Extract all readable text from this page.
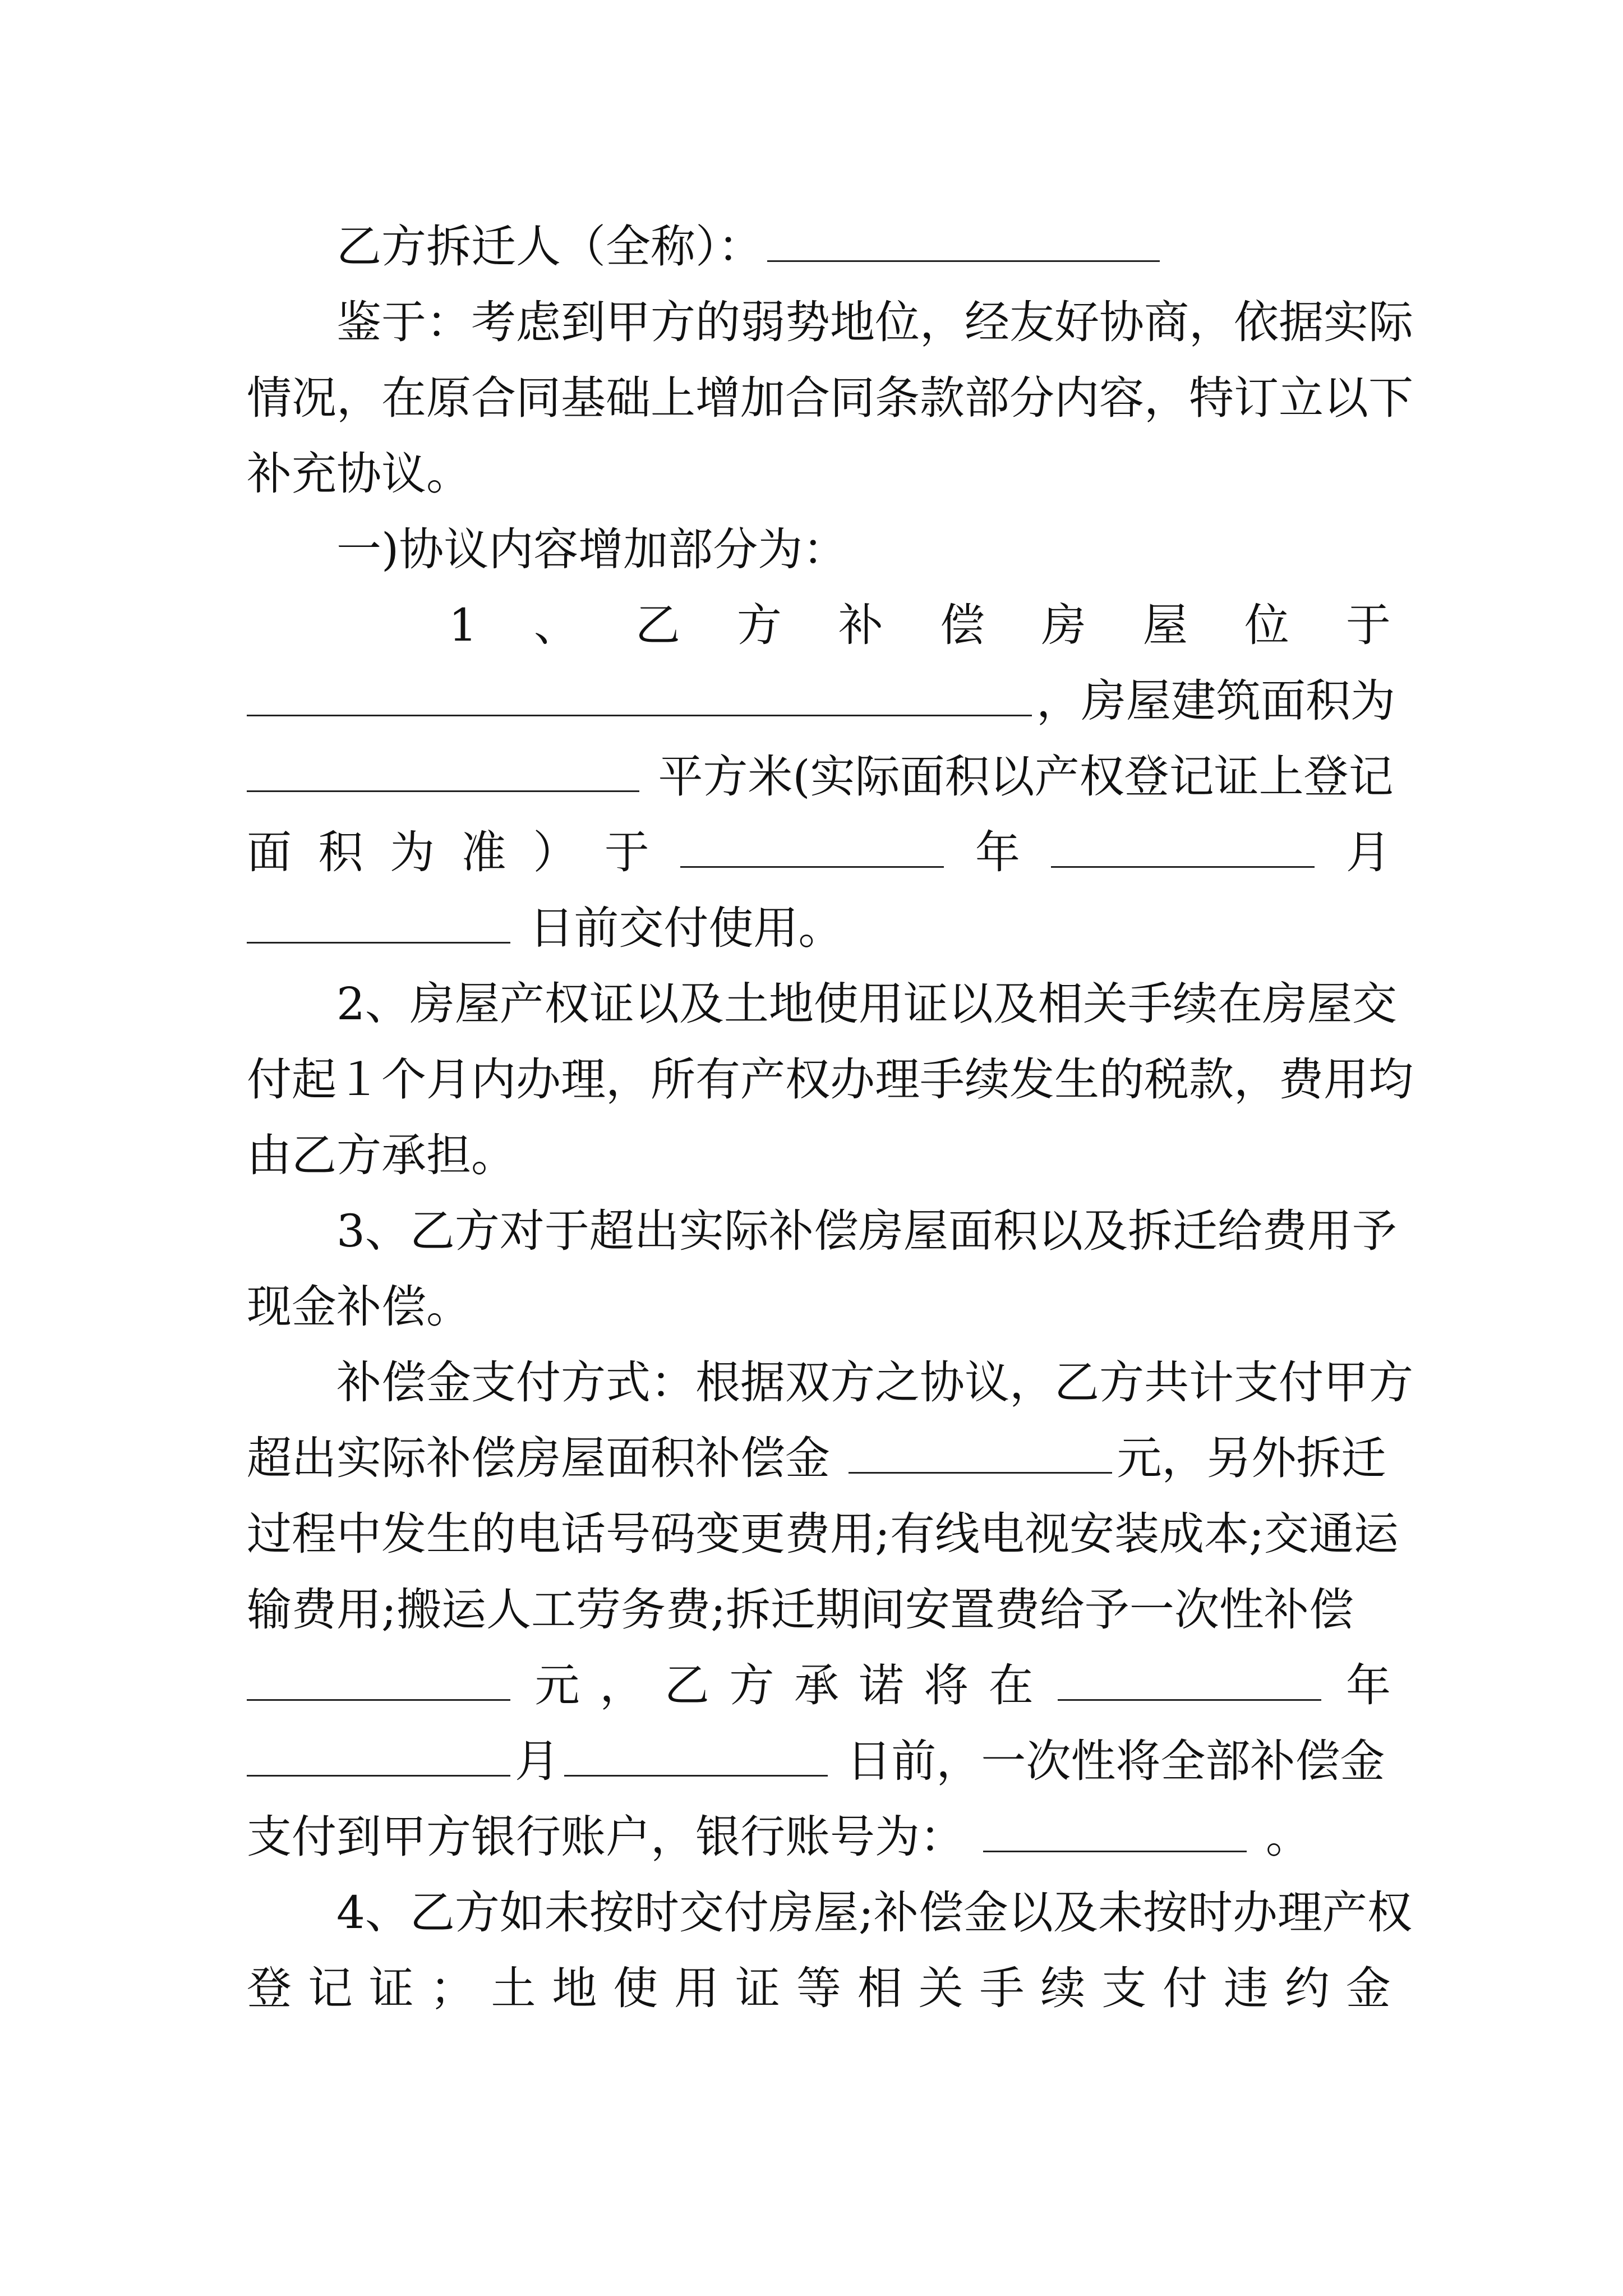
乙方拆迁人（全称）：
鉴于：考虑到甲方的弱势地位，经友好协商，依据实际
情况，在原合同基础上增加合同条款部分内容，特订立以下
补充协议。
一)协议内容增加部分为：
1 、 乙 方 补 偿 房 屋 位 于
，房屋建筑面积为
平方米(实际面积以产权登记证上登记
面 积 为 准 ） 于	年	月
日前交付使用。
2、房屋产权证以及土地使用证以及相关手续在房屋交
付起１个月内办理，所有产权办理手续发生的税款，费用均
由乙方承担。
3、乙方对于超出实际补偿房屋面积以及拆迁给费用予
现金补偿。
补偿金支付方式：根据双方之协议，乙方共计支付甲方
超出实际补偿房屋面积补偿金	元，另外拆迁
过程中发生的电话号码变更费用;有线电视安装成本;交通运
输费用;搬运人工劳务费;拆迁期间安置费给予一次性补偿
元 ， 乙 方 承 诺 将 在	年
月	日前，一次性将全部补偿金
支付到甲方银行账户，银行账号为：	。
4、乙方如未按时交付房屋;补偿金以及未按时办理产权
登 记 证 ； 土 地 使 用 证 等 相 关 手 续 支 付 违 约 金
